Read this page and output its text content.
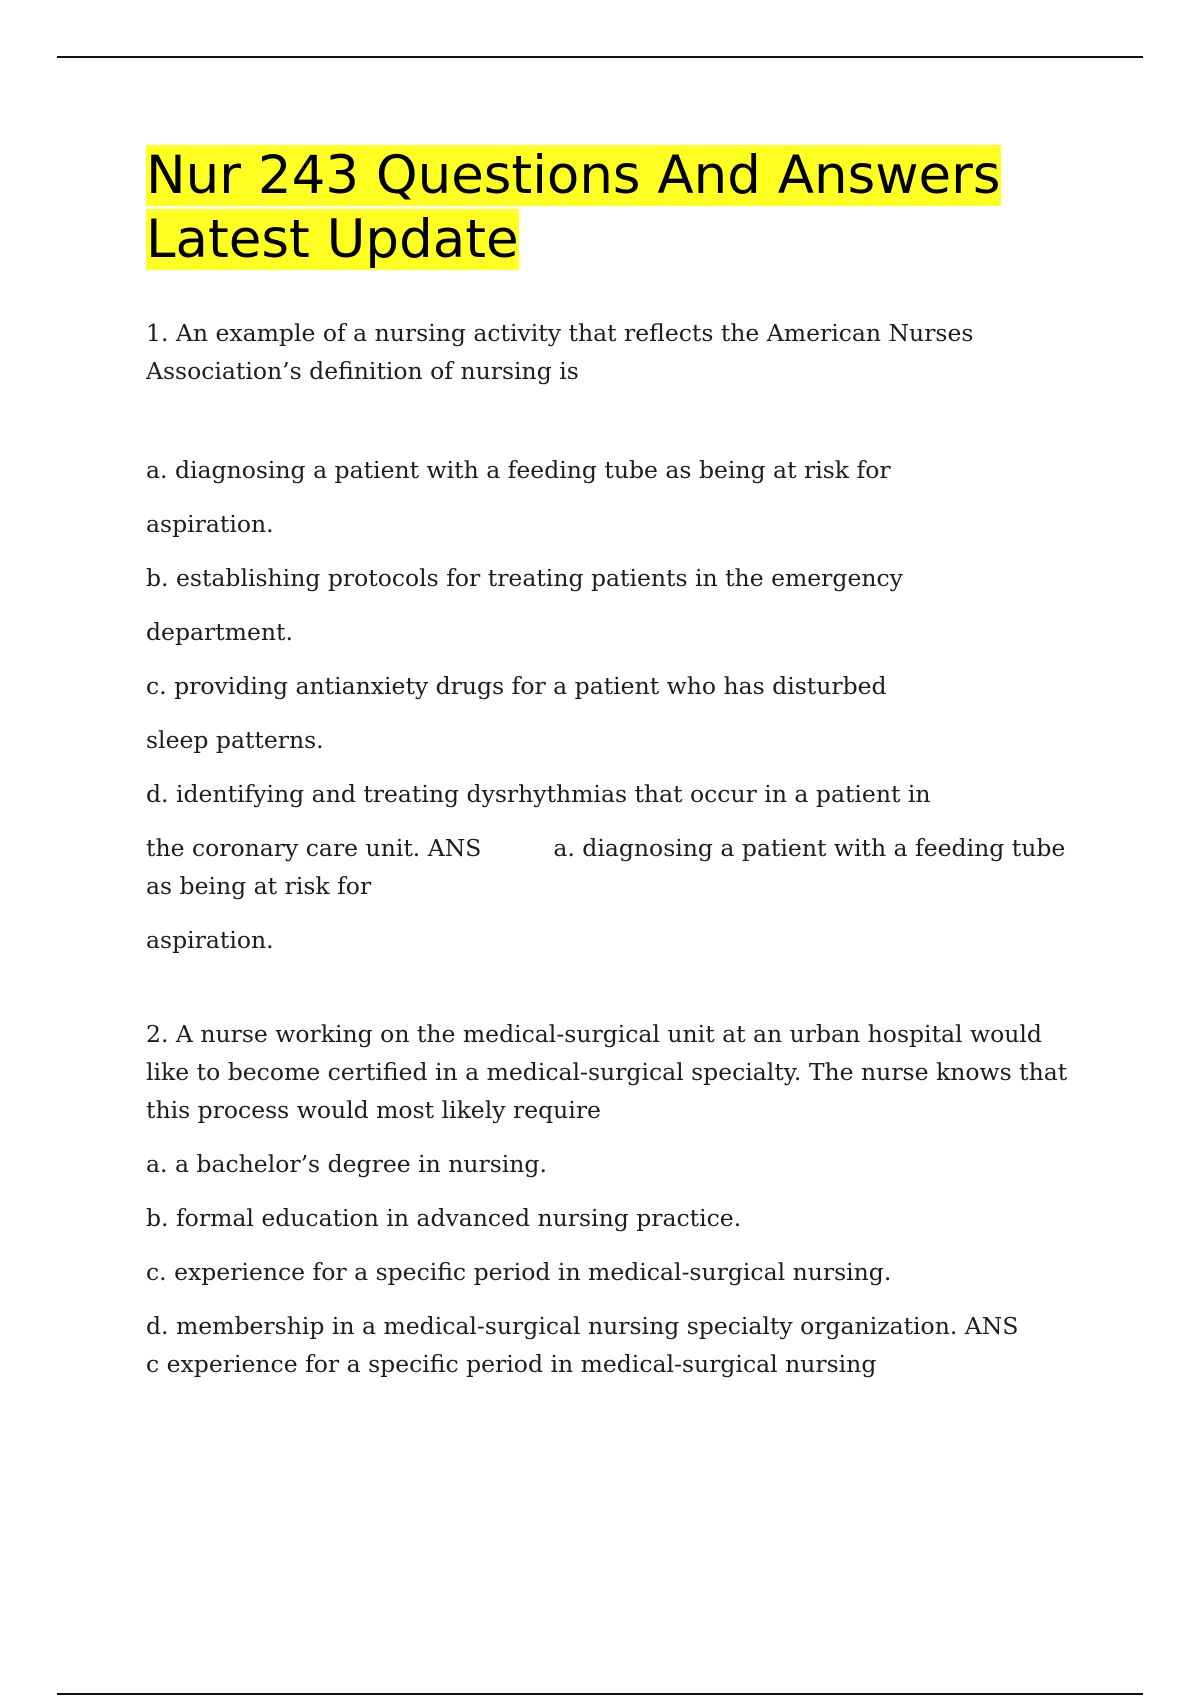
Nur 243 Questions And Answers
Latest Update

1. An example of a nursing activity that reflects the American Nurses
Association’s definition of nursing is

a. diagnosing a patient with a feeding tube as being at risk for

aspiration.

b. establishing protocols for treating patients in the emergency

department.

c. providing antianxiety drugs for a patient who has disturbed

sleep patterns.

d. identifying and treating dysrhythmias that occur in a patient in

the coronary care unit. ANS	a. diagnosing a patient with a feeding tube

as being at risk for

aspiration.

2. A nurse working on the medical-surgical unit at an urban hospital would
like to become certified in a medical-surgical specialty. The nurse knows that
this process would most likely require

a. a bachelor’s degree in nursing.

b. formal education in advanced nursing practice.

c. experience for a specific period in medical-surgical nursing.

d. membership in a medical-surgical nursing specialty organization. ANS

c experience for a specific period in medical-surgical nursing
